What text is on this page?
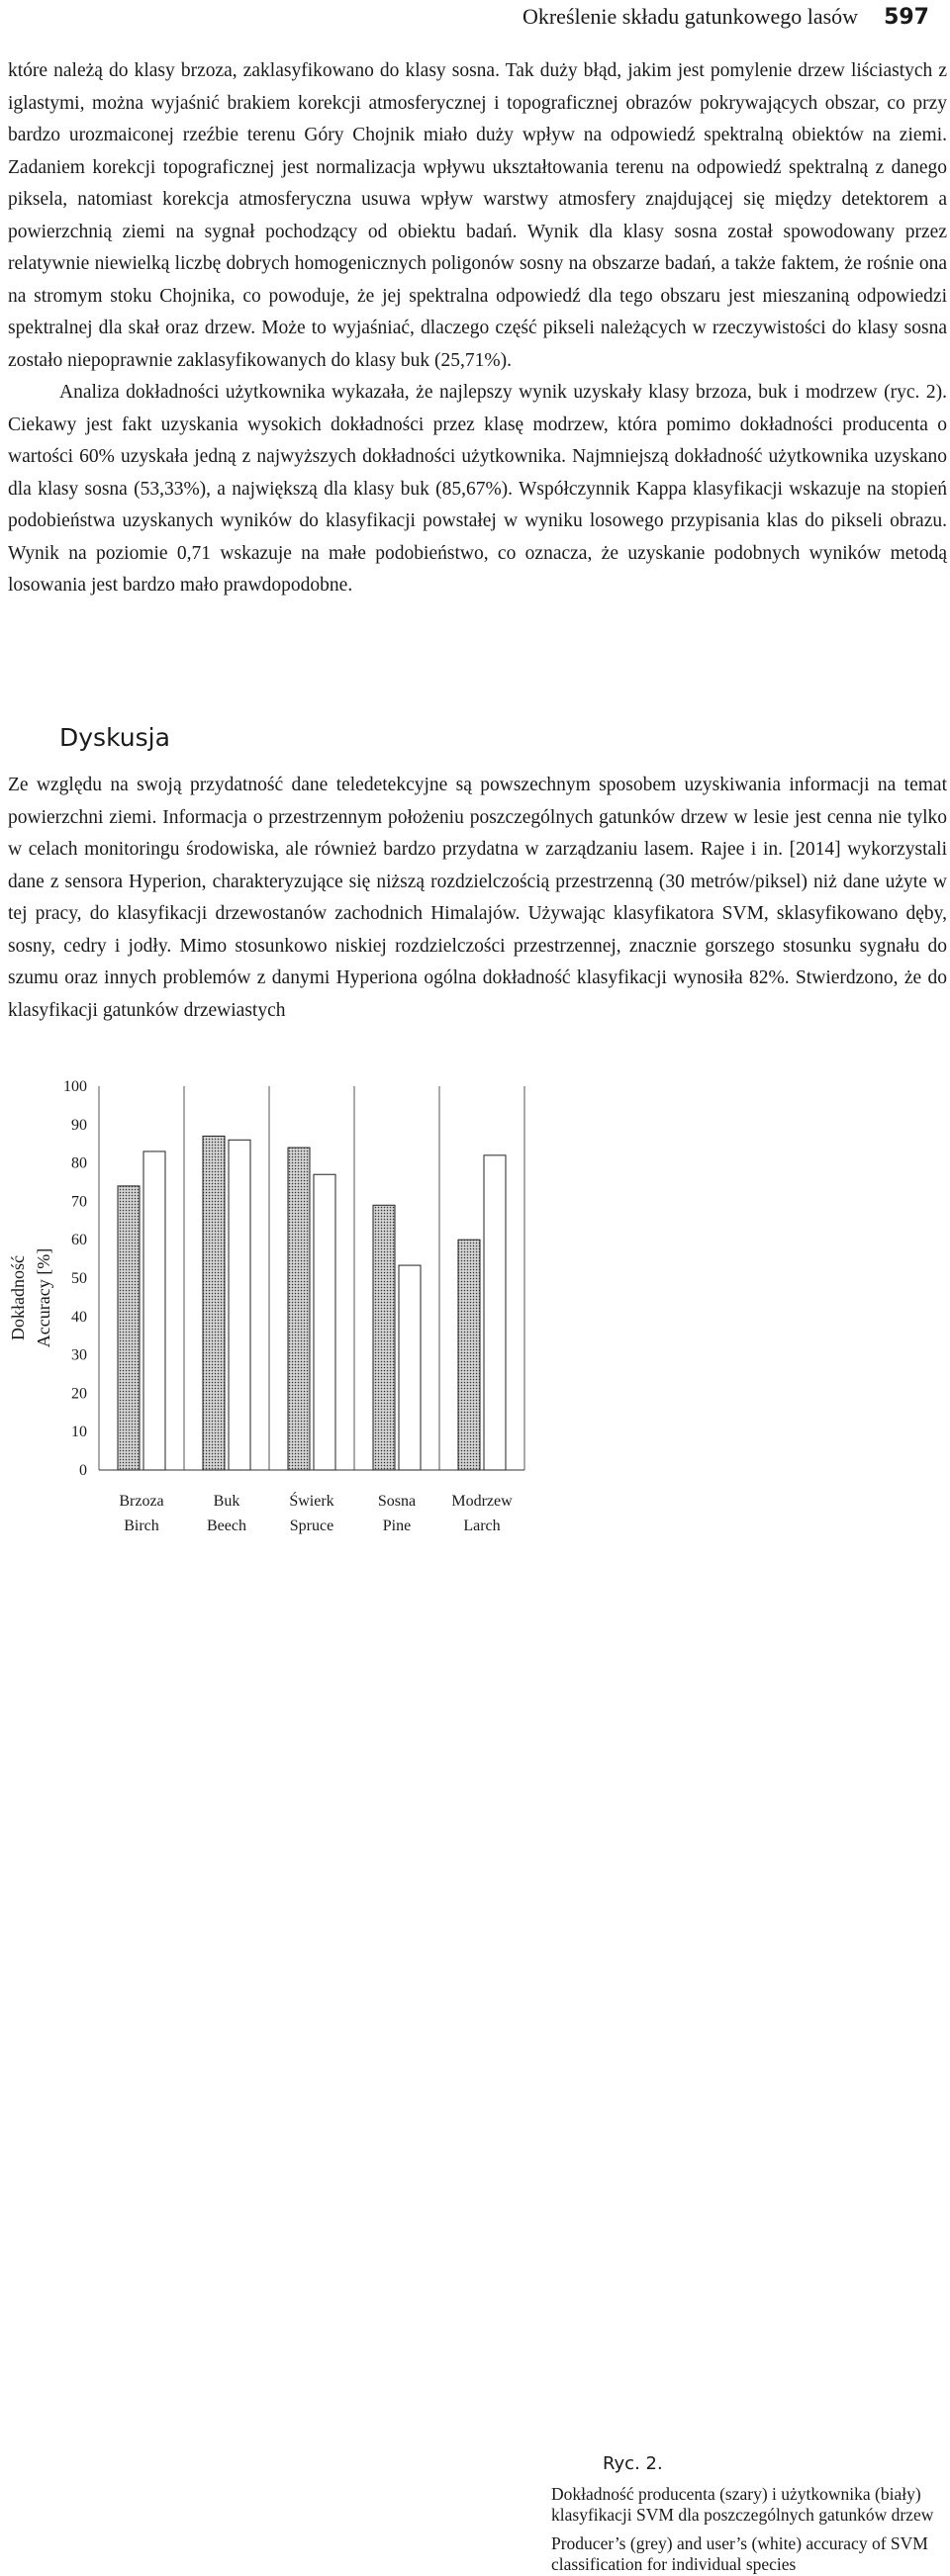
Określenie składu gatunkowego lasów 597

które należą do klasy brzoza, zaklasyfikowano do klasy sosna. Tak duży błąd, jakim jest pomylenie drzew liściastych z iglastymi, można wyjaśnić brakiem korekcji atmosferycznej i topograficznej obrazów pokrywających obszar, co przy bardzo urozmaiconej rzeźbie terenu Góry Chojnik miało duży wpływ na odpowiedź spektralną obiektów na ziemi. Zadaniem korekcji topograficznej jest normalizacja wpływu ukształtowania terenu na odpowiedź spektralną z danego piksela, natomiast korekcja atmosferyczna usuwa wpływ warstwy atmosfery znajdującej się między detektorem a powierzchnią ziemi na sygnał pochodzący od obiektu badań. Wynik dla klasy sosna został spowodowany przez relatywnie niewielką liczbę dobrych homogenicznych poligonów sosny na obszarze badań, a także faktem, że rośnie ona na stromym stoku Chojnika, co powoduje, że jej spektralna odpowiedź dla tego obszaru jest mieszaniną odpowiedzi spektralnej dla skał oraz drzew. Może to wyjaśniać, dlaczego część pikseli należących w rzeczywistości do klasy sosna zostało niepoprawnie zaklasyfikowanych do klasy buk (25,71%).

Analiza dokładności użytkownika wykazała, że najlepszy wynik uzyskały klasy brzoza, buk i modrzew (ryc. 2). Ciekawy jest fakt uzyskania wysokich dokładności przez klasę modrzew, która pomimo dokładności producenta o wartości 60% uzyskała jedną z najwyższych dokładności użytkownika. Najmniejszą dokładność użytkownika uzyskano dla klasy sosna (53,33%), a największą dla klasy buk (85,67%). Współczynnik Kappa klasyfikacji wskazuje na stopień podobieństwa uzyskanych wyników do klasyfikacji powstałej w wyniku losowego przypisania klas do pikseli obrazu. Wynik na poziomie 0,71 wskazuje na małe podobieństwo, co oznacza, że uzyskanie podobnych wyników metodą losowania jest bardzo mało prawdopodobne.

Dyskusja

Ze względu na swoją przydatność dane teledetekcyjne są powszechnym sposobem uzyskiwania informacji na temat powierzchni ziemi. Informacja o przestrzennym położeniu poszczególnych gatunków drzew w lesie jest cenna nie tylko w celach monitoringu środowiska, ale również bardzo przydatna w zarządzaniu lasem. Rajee i in. [2014] wykorzystali dane z sensora Hyperion, charakteryzujące się niższą rozdzielczością przestrzenną (30 metrów/piksel) niż dane użyte w tej pracy, do klasyfikacji drzewostanów zachodnich Himalajów. Używając klasyfikatora SVM, sklasyfikowano dęby, sosny, cedry i jodły. Mimo stosunkowo niskiej rozdzielczości przestrzennej, znacznie gorszego stosunku sygnału do szumu oraz innych problemów z danymi Hyperiona ogólna dokładność klasyfikacji wynosiła 82%. Stwierdzono, że do klasyfikacji gatunków drzewiastych

0
10
20
30
40
50
60
70
80
90
100
Dokładność Accuracy [%]
Brzoza
Birch
Buk
Beech
Świerk
Spruce
Sosna
Pine
Modrzew
Larch
Ryc. 2.
Dokładność producenta (szary) i użytkownika (biały) klasyfikacji SVM dla poszczególnych gatunków drzew
Producer’s (grey) and user’s (white) accuracy of SVM classification for individual species
